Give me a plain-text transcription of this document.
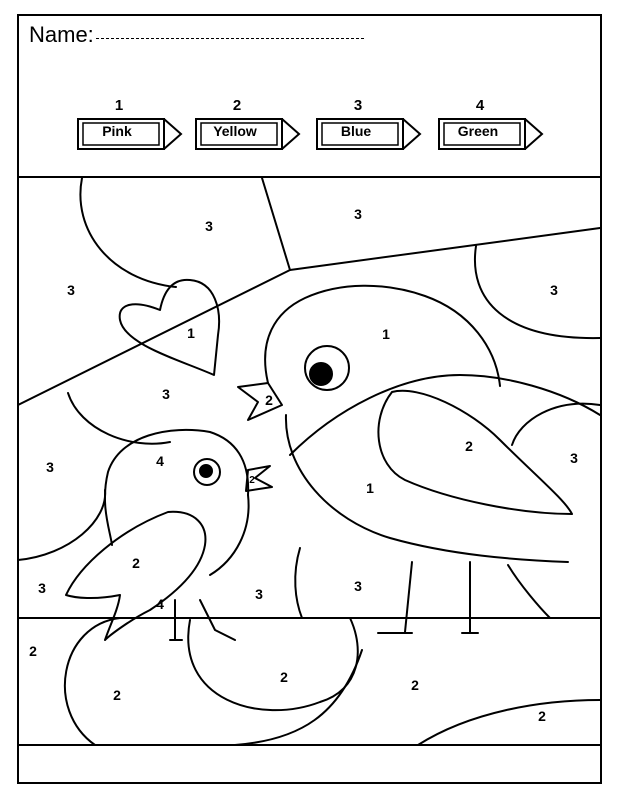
Name:
1	2	3	4
Pink	Yellow	Blue	Green
3
3
3	3
1	1
3	2
2
3
3	4
2	1
2
3
4
3	3
2
2
2	2
2
